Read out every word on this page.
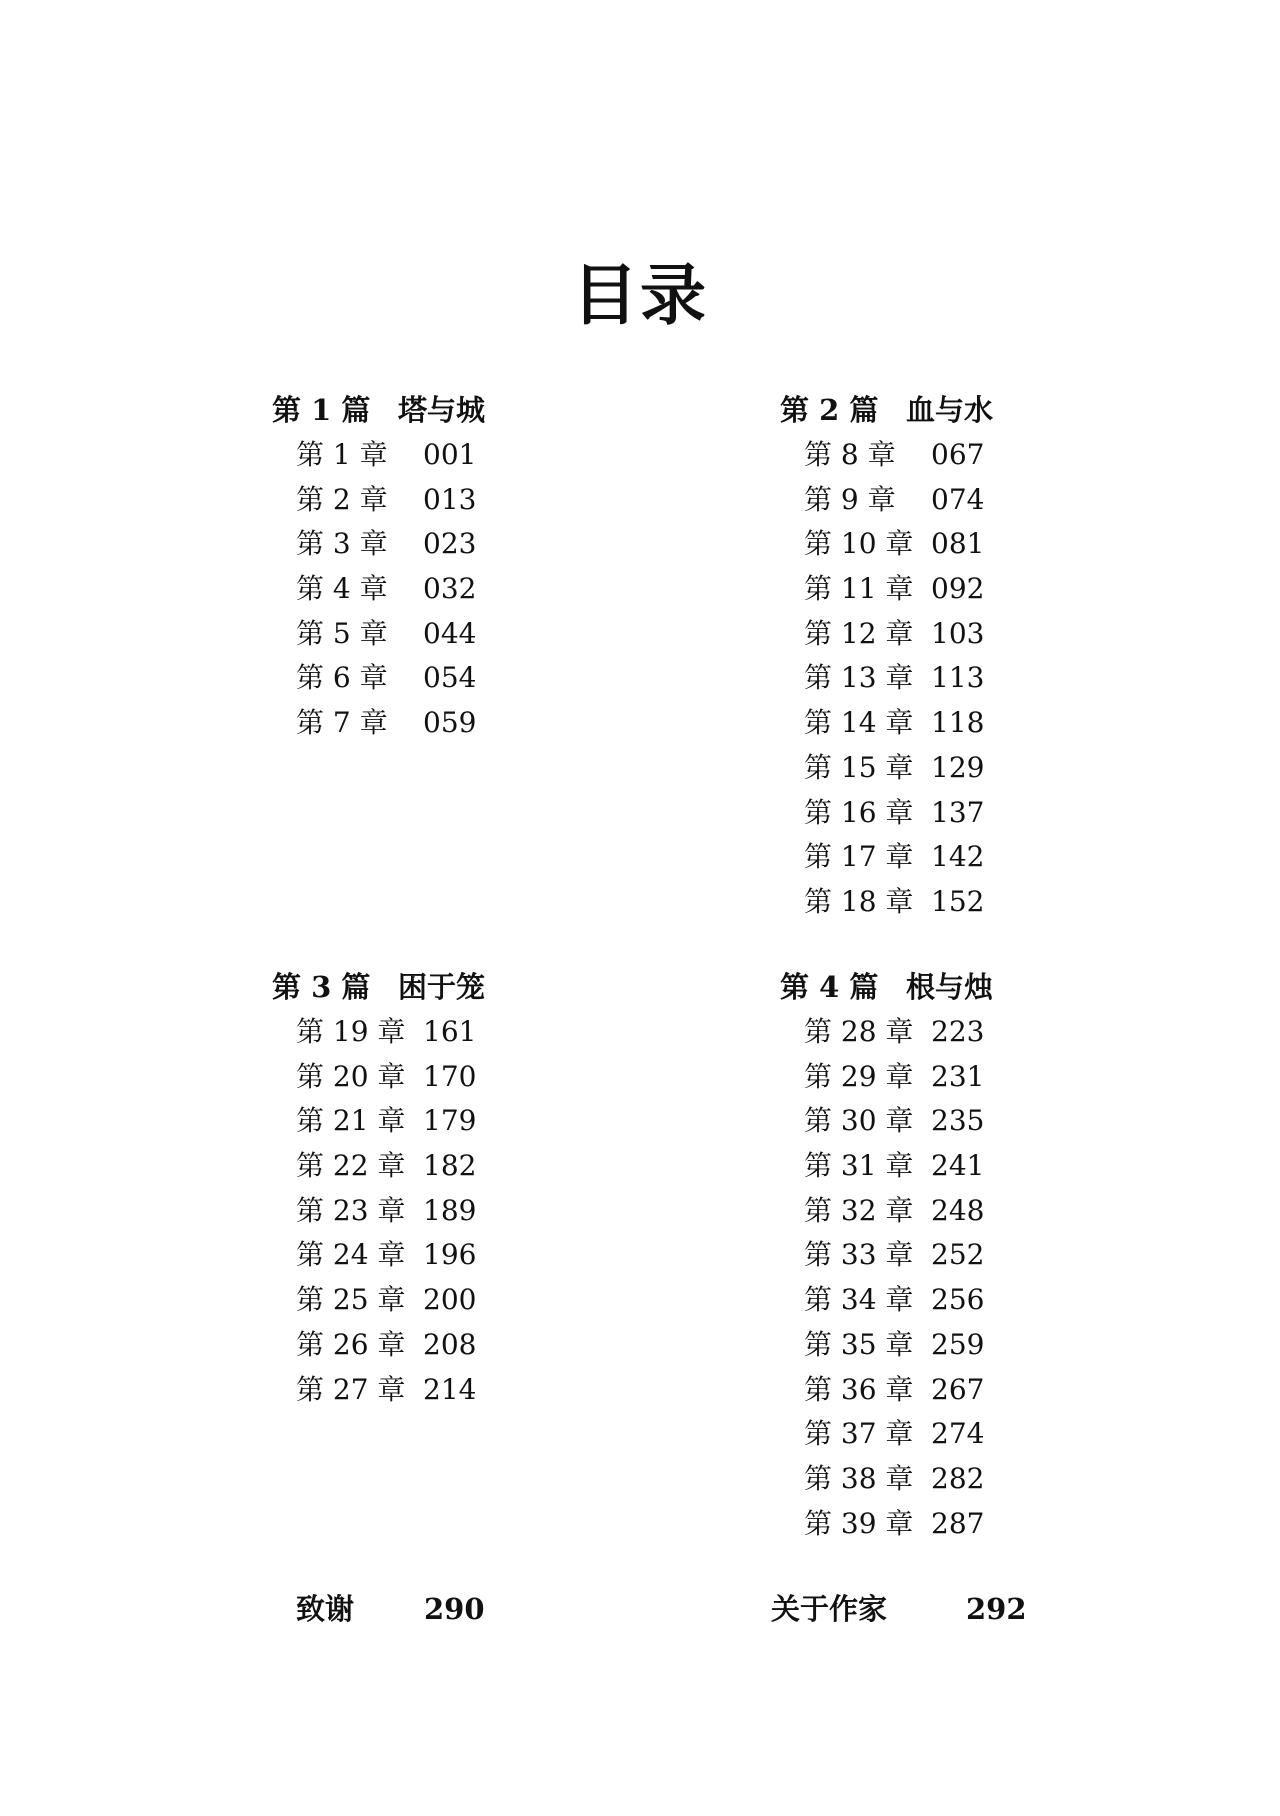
目录
第 1 篇 塔与城
第 1 章 001
第 2 章 013
第 3 章 023
第 4 章 032
第 5 章 044
第 6 章 054
第 7 章 059
第 2 篇 血与水
第 8 章 067
第 9 章 074
第 10 章 081
第 11 章 092
第 12 章 103
第 13 章 113
第 14 章 118
第 15 章 129
第 16 章 137
第 17 章 142
第 18 章 152
第 3 篇 困于笼
第 19 章 161
第 20 章 170
第 21 章 179
第 22 章 182
第 23 章 189
第 24 章 196
第 25 章 200
第 26 章 208
第 27 章 214
第 4 篇 根与烛
第 28 章 223
第 29 章 231
第 30 章 235
第 31 章 241
第 32 章 248
第 33 章 252
第 34 章 256
第 35 章 259
第 36 章 267
第 37 章 274
第 38 章 282
第 39 章 287
致谢 290	关于作家	292
